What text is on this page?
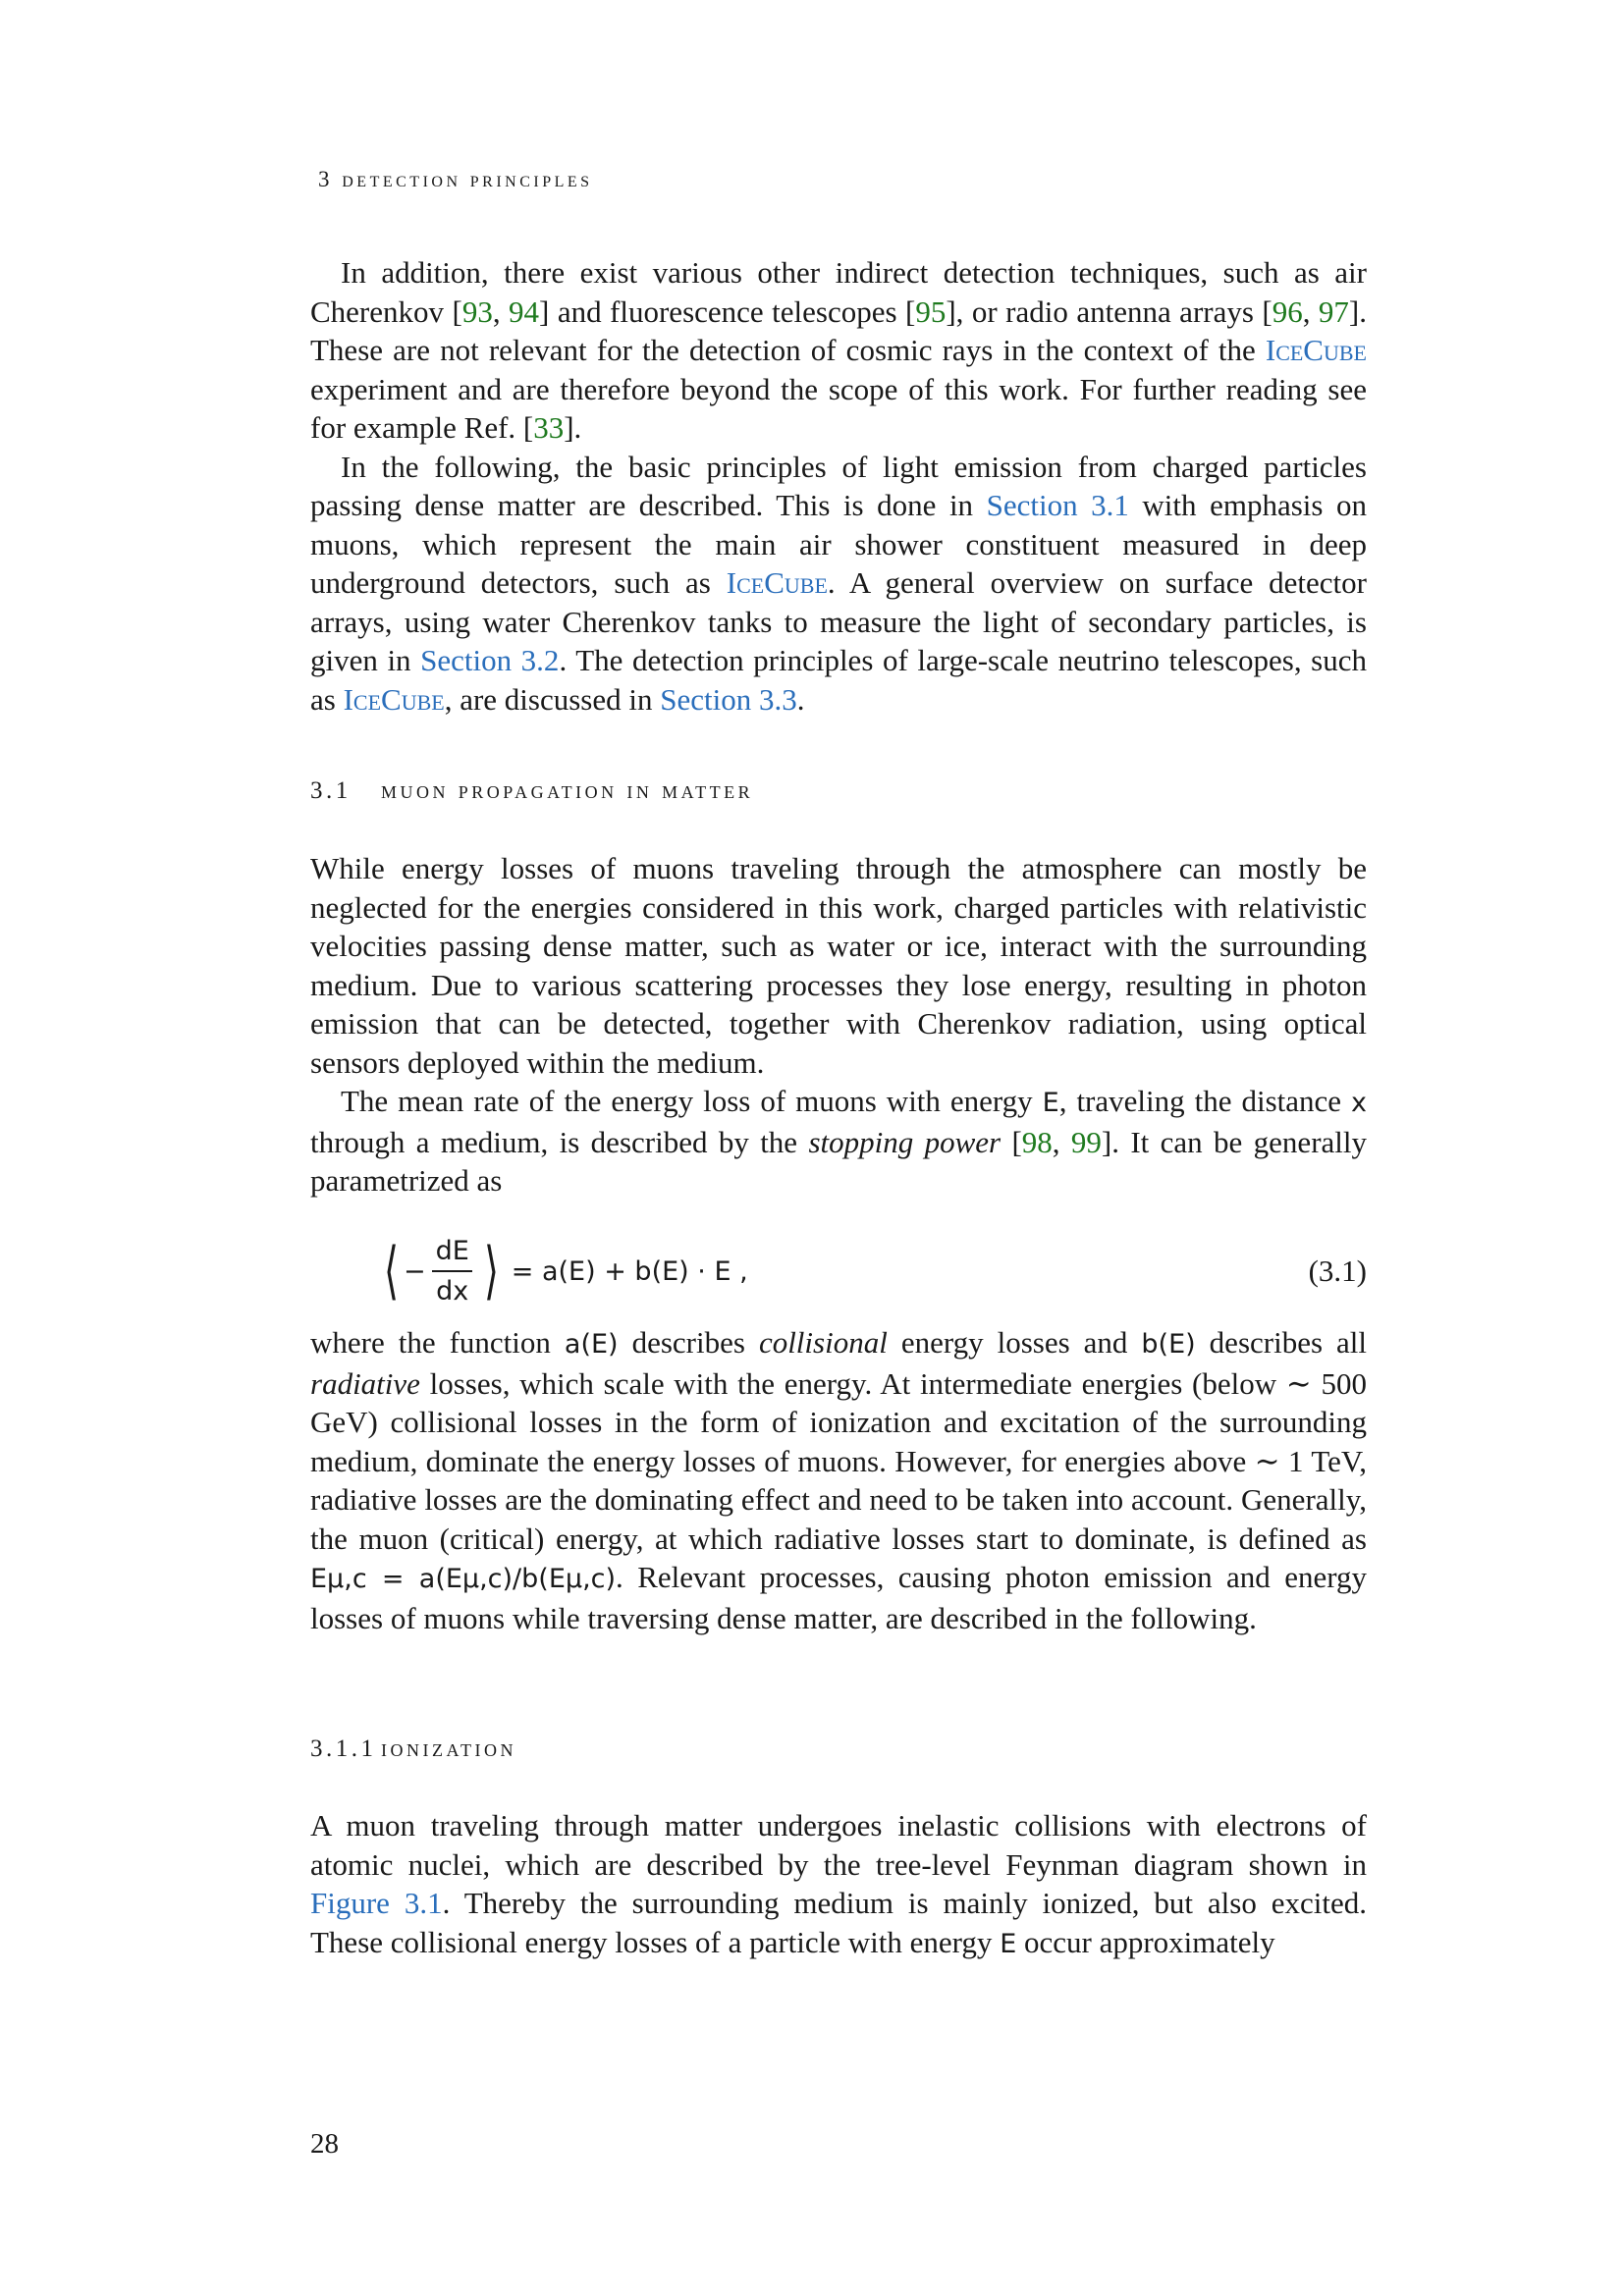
3 detection principles

In addition, there exist various other indirect detection techniques, such as air Cherenkov [93, 94] and fluorescence telescopes [95], or radio antenna arrays [96, 97]. These are not relevant for the detection of cosmic rays in the context of the IceCube experiment and are therefore beyond the scope of this work. For further reading see for example Ref. [33].

In the following, the basic principles of light emission from charged particles passing dense matter are described. This is done in Section 3.1 with emphasis on muons, which represent the main air shower constituent measured in deep underground detectors, such as IceCube. A general overview on surface detector arrays, using water Cherenkov tanks to measure the light of secondary particles, is given in Section 3.2. The detection principles of large-scale neutrino telescopes, such as IceCube, are discussed in Section 3.3.

3.1 muon propagation in matter

While energy losses of muons traveling through the atmosphere can mostly be neglected for the energies considered in this work, charged particles with relativistic velocities passing dense matter, such as water or ice, interact with the surrounding medium. Due to various scattering processes they lose energy, resulting in photon emission that can be detected, together with Cherenkov radiation, using optical sensors deployed within the medium.

The mean rate of the energy loss of muons with energy E, traveling the distance x through a medium, is described by the stopping power [98, 99]. It can be generally parametrized as

⟨ − $\frac{dE}{dx}$ ⟩ = a(E) + b(E) · E ,	(3.1)

where the function a(E) describes collisional energy losses and b(E) describes all radiative losses, which scale with the energy. At intermediate energies (below ∼ 500 GeV) collisional losses in the form of ionization and excitation of the surrounding medium, dominate the energy losses of muons. However, for energies above ∼ 1 TeV, radiative losses are the dominating effect and need to be taken into account. Generally, the muon (critical) energy, at which radiative losses start to dominate, is defined as Eμ,c = a(Eμ,c)/b(Eμ,c). Relevant processes, causing photon emission and energy losses of muons while traversing dense matter, are described in the following.

3.1.1 ionization

A muon traveling through matter undergoes inelastic collisions with electrons of atomic nuclei, which are described by the tree-level Feynman diagram shown in Figure 3.1. Thereby the surrounding medium is mainly ionized, but also excited. These collisional energy losses of a particle with energy E occur approximately

28
